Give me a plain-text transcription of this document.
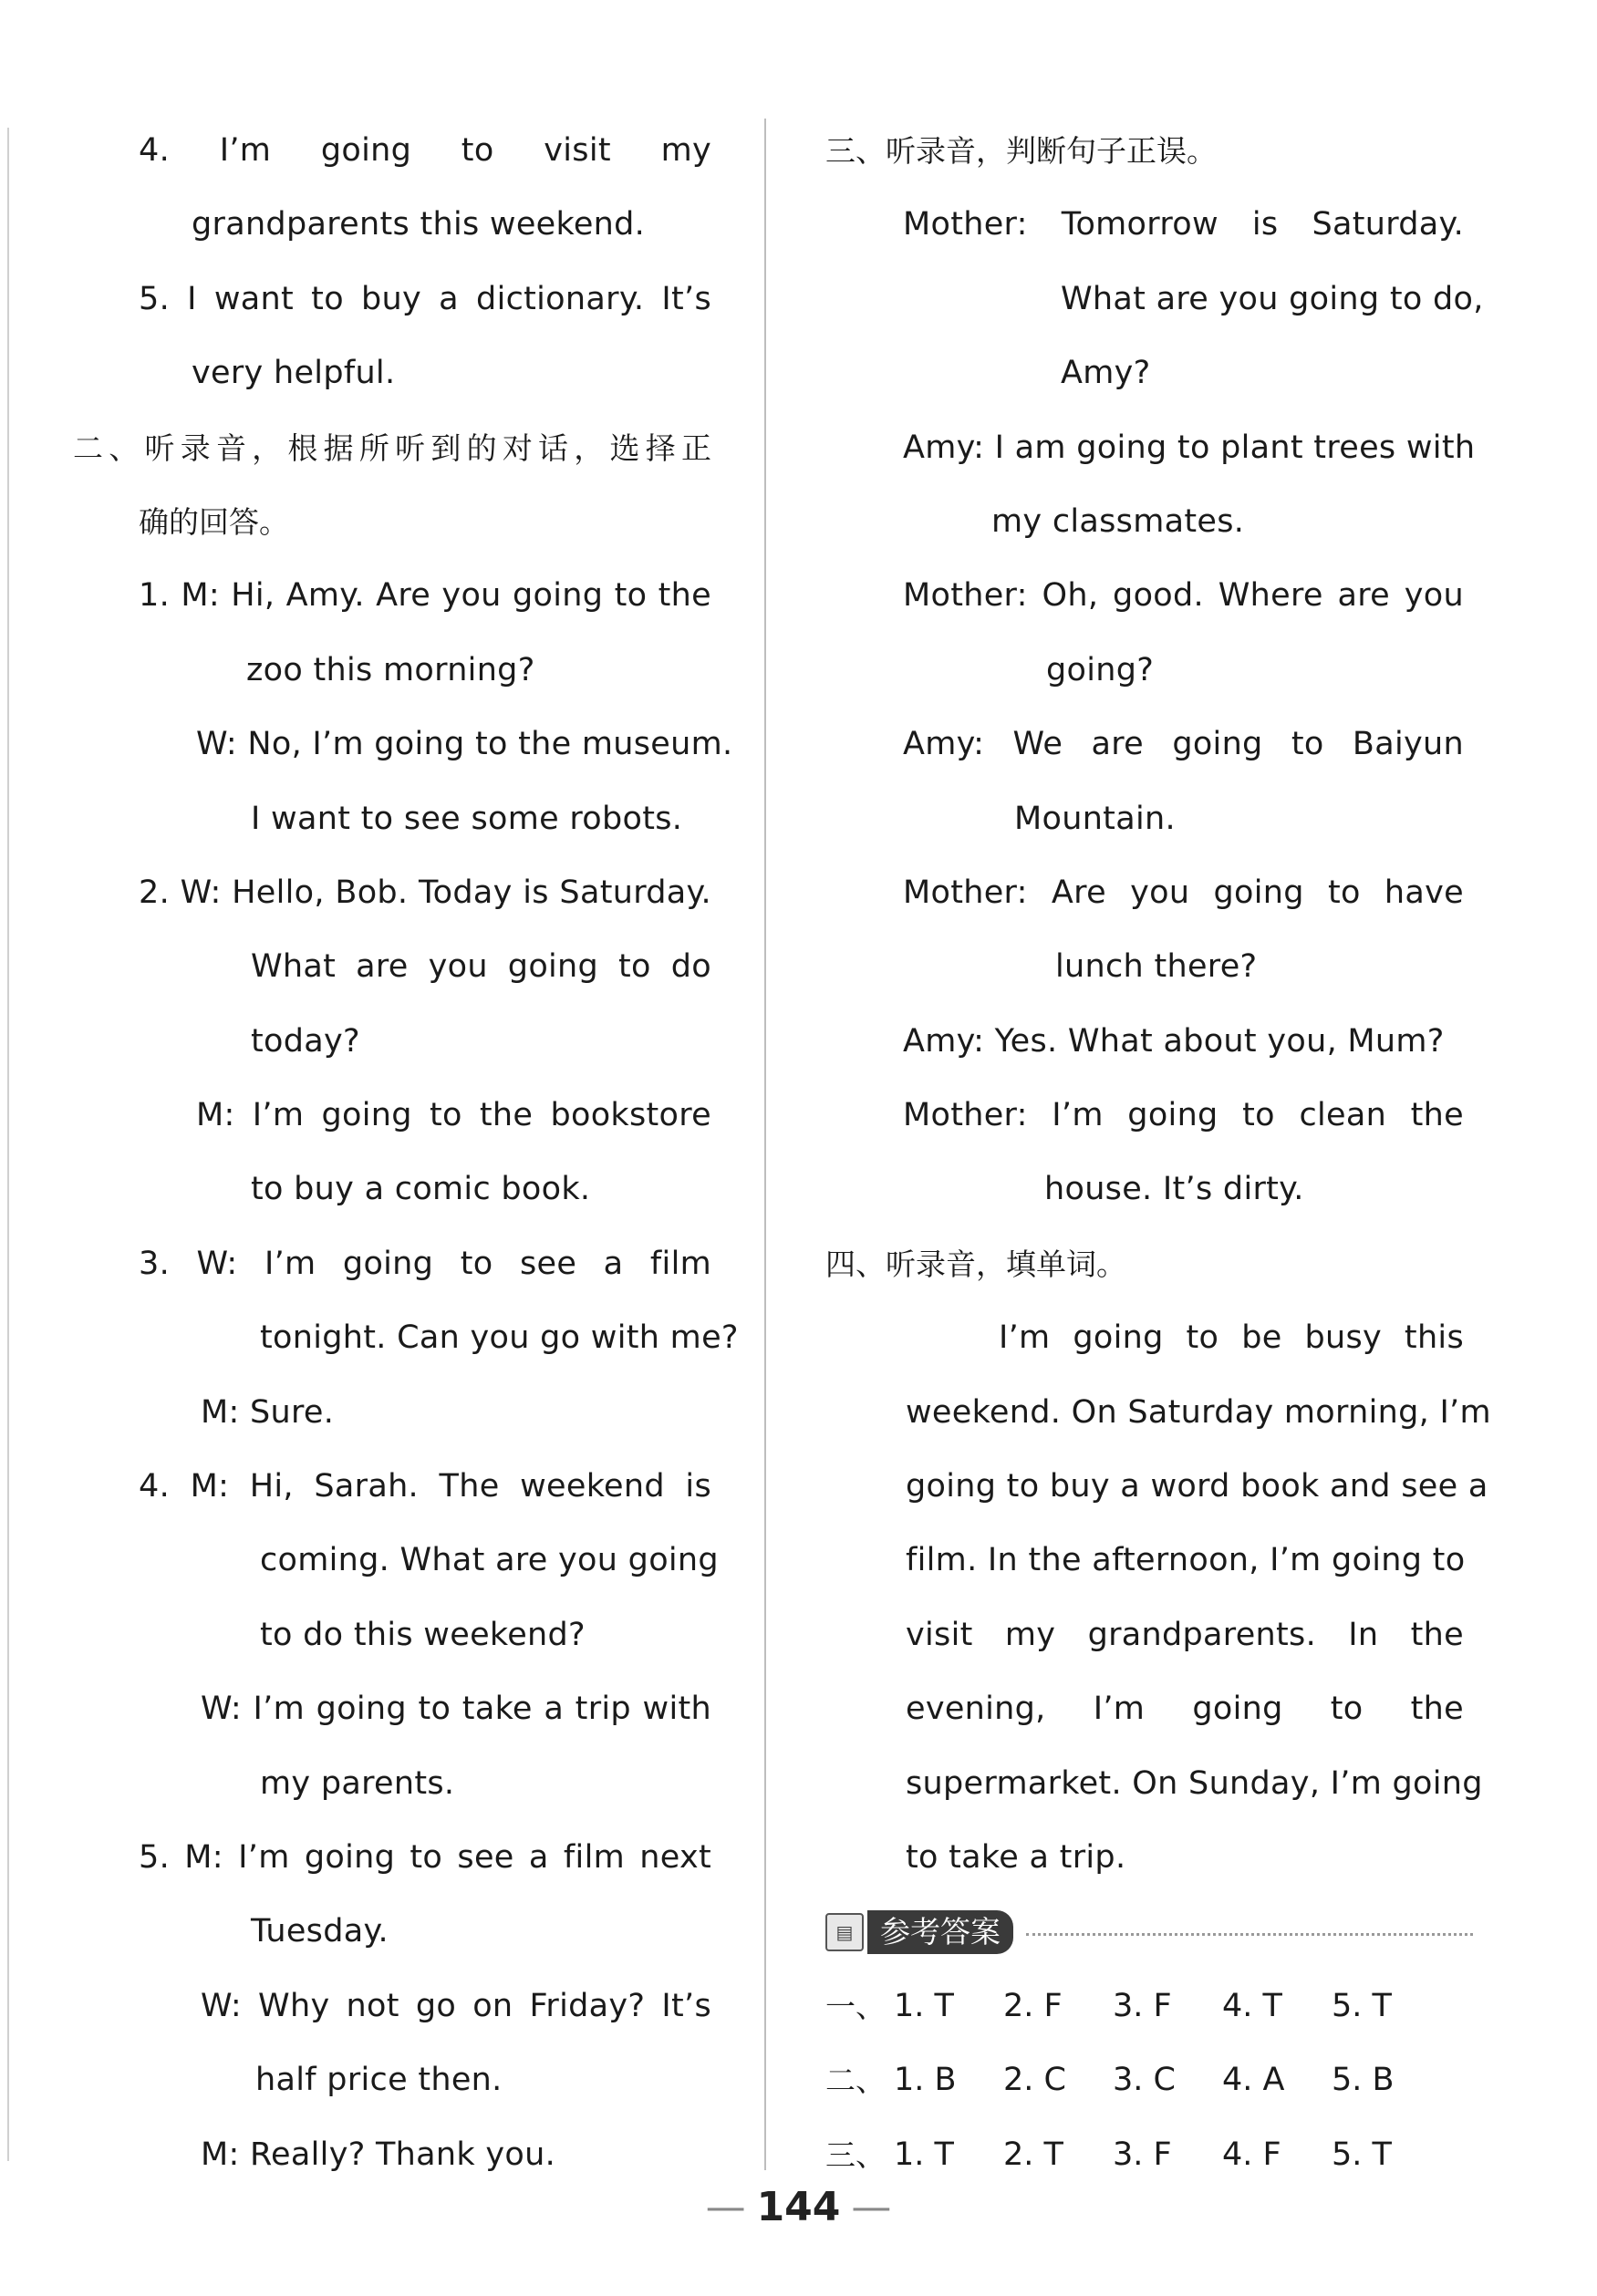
4. I’m going to visit my
grandparents this weekend.
5. I want to buy a dictionary. It’s
very helpful.
二、听录音，根据所听到的对话，选择正
确的回答。
1. M: Hi, Amy. Are you going to the
zoo this morning?
W: No, I’m going to the museum.
I want to see some robots.
2. W: Hello, Bob. Today is Saturday.
What are you going to do
today?
M: I’m going to the bookstore
to buy a comic book.
3. W: I’m going to see a film
tonight. Can you go with me?
M: Sure.
4. M: Hi, Sarah. The weekend is
coming. What are you going
to do this weekend?
W: I’m going to take a trip with
my parents.
5. M: I’m going to see a film next
Tuesday.
W: Why not go on Friday? It’s
half price then.
M: Really? Thank you.
三、听录音，判断句子正误。
Mother: Tomorrow is Saturday.
What are you going to do,
Amy?
Amy: I am going to plant trees with
my classmates.
Mother: Oh, good. Where are you
going?
Amy: We are going to Baiyun
Mountain.
Mother: Are you going to have
lunch there?
Amy: Yes. What about you, Mum?
Mother: I’m going to clean the
house. It’s dirty.
四、听录音，填单词。
I’m going to be busy this
weekend. On Saturday morning, I’m
going to buy a word book and see a
film. In the afternoon, I’m going to
visit my grandparents. In the
evening, I’m going to the
supermarket. On Sunday, I’m going
to take a trip.
▤ 参考答案
一、 1. T	2. F	3. F	4. T	5. T
二、 1. B	2. C	3. C	4. A	5. B
三、 1. T	2. T	3. F	4. F	5. T
— 144 —
